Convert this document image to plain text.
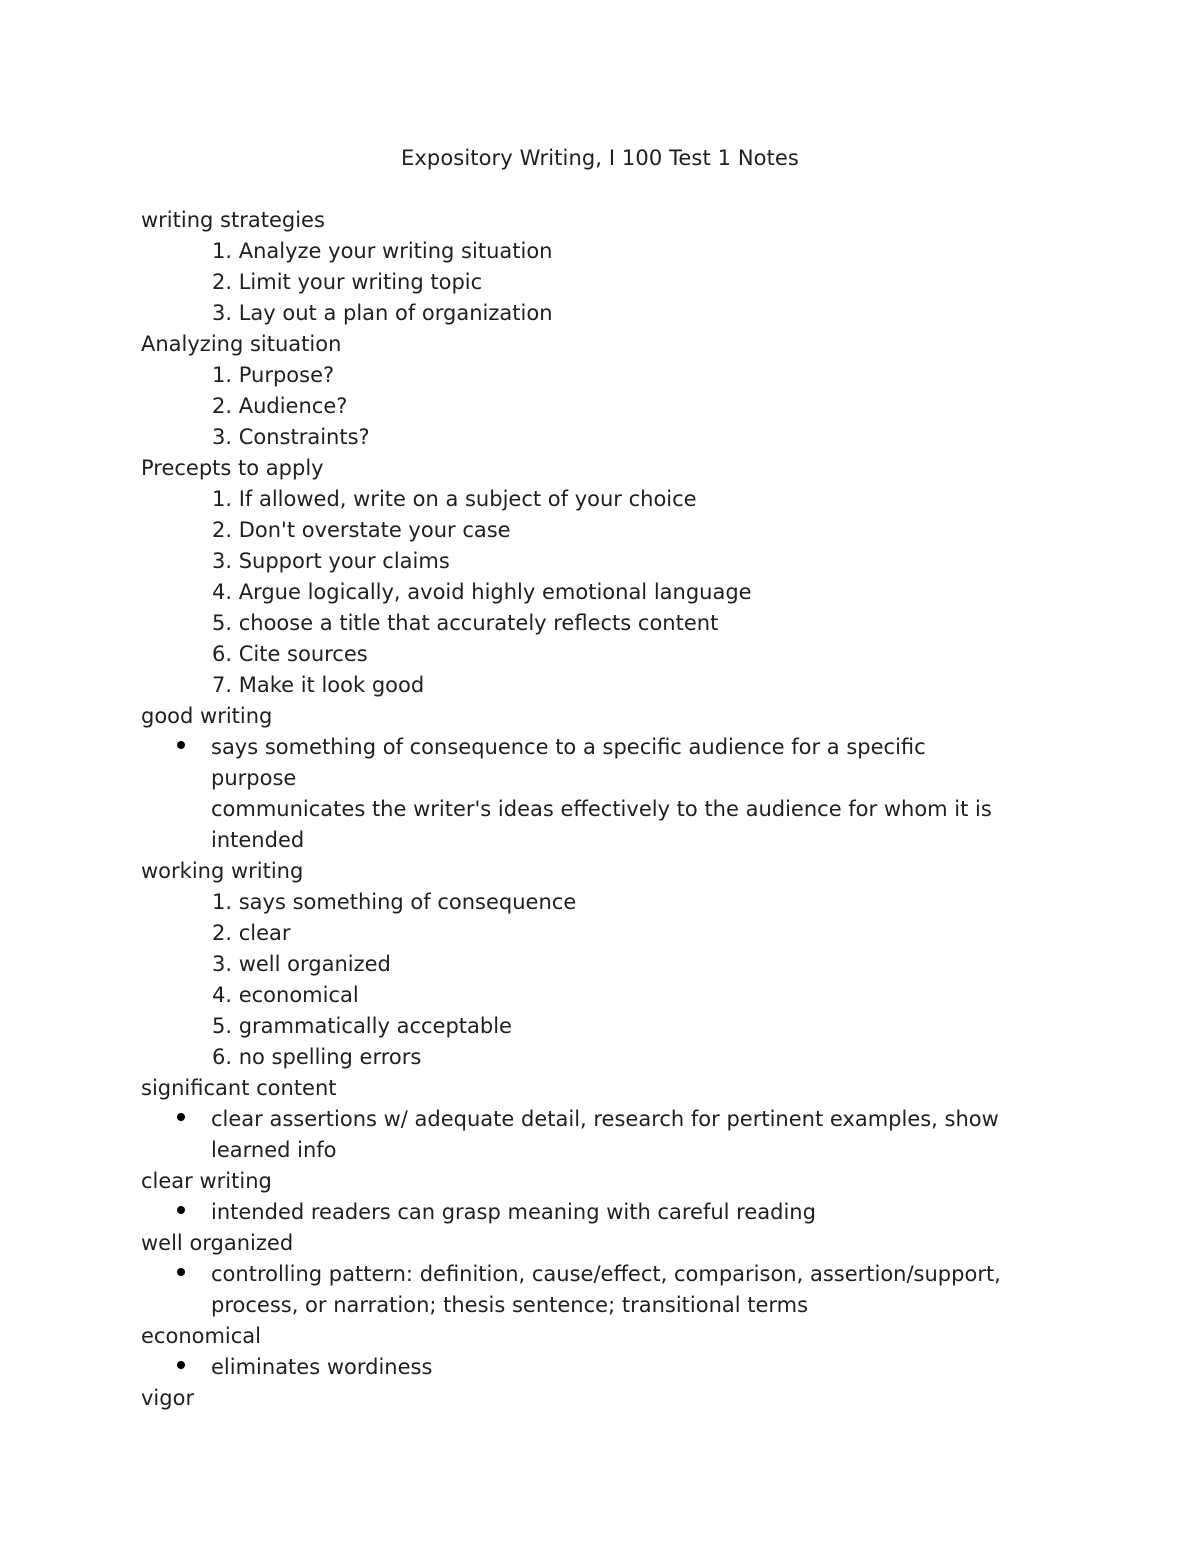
Expository Writing, I 100 Test 1 Notes
writing strategies
1. Analyze your writing situation
2. Limit your writing topic
3. Lay out a plan of organization
Analyzing situation
1. Purpose?
2. Audience?
3. Constraints?
Precepts to apply
1. If allowed, write on a subject of your choice
2. Don't overstate your case
3. Support your claims
4. Argue logically, avoid highly emotional language
5. choose a title that accurately reflects content
6. Cite sources
7. Make it look good
good writing
says something of consequence to a specific audience for a specific purpose
communicates the writer's ideas effectively to the audience for whom it is
intended
working writing
1. says something of consequence
2. clear
3. well organized
4. economical
5. grammatically acceptable
6. no spelling errors
significant content
clear assertions w/ adequate detail, research for pertinent examples, show
learned info
clear writing
intended readers can grasp meaning with careful reading
well organized
controlling pattern: definition, cause/effect, comparison, assertion/support,
process, or narration; thesis sentence; transitional terms
economical
eliminates wordiness
vigor
